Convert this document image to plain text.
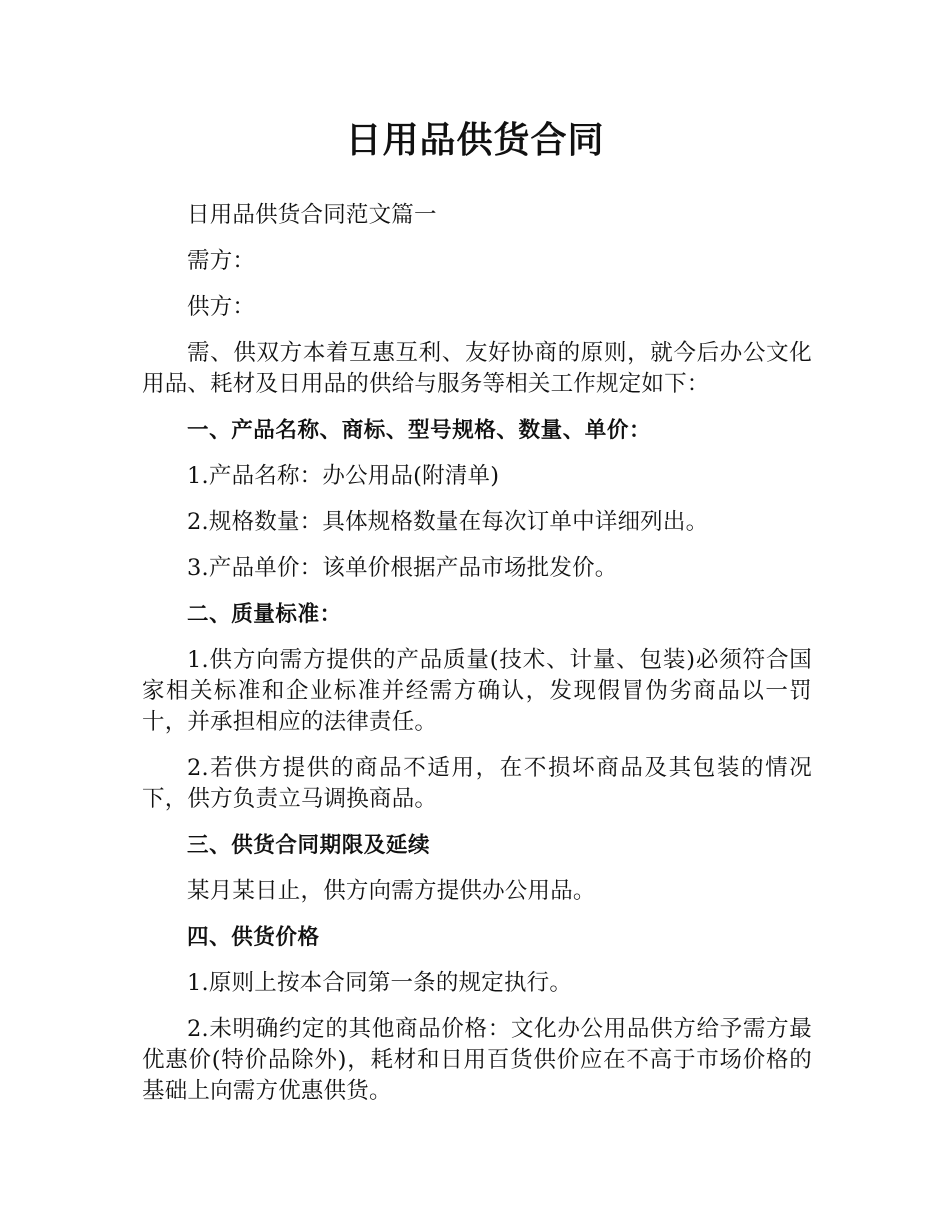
日用品供货合同

日用品供货合同范文篇一

需方：

供方：

需、供双方本着互惠互利、友好协商的原则，就今后办公文化用品、耗材及日用品的供给与服务等相关工作规定如下：

一、产品名称、商标、型号规格、数量、单价：

1.产品名称：办公用品(附清单)

2.规格数量：具体规格数量在每次订单中详细列出。

3.产品单价：该单价根据产品市场批发价。

二、质量标准：

1.供方向需方提供的产品质量(技术、计量、包装)必须符合国家相关标准和企业标准并经需方确认，发现假冒伪劣商品以一罚十，并承担相应的法律责任。

2.若供方提供的商品不适用，在不损坏商品及其包装的情况下，供方负责立马调换商品。

三、供货合同期限及延续

某月某日止，供方向需方提供办公用品。

四、供货价格

1.原则上按本合同第一条的规定执行。

2.未明确约定的其他商品价格：文化办公用品供方给予需方最优惠价(特价品除外)，耗材和日用百货供价应在不高于市场价格的基础上向需方优惠供货。
